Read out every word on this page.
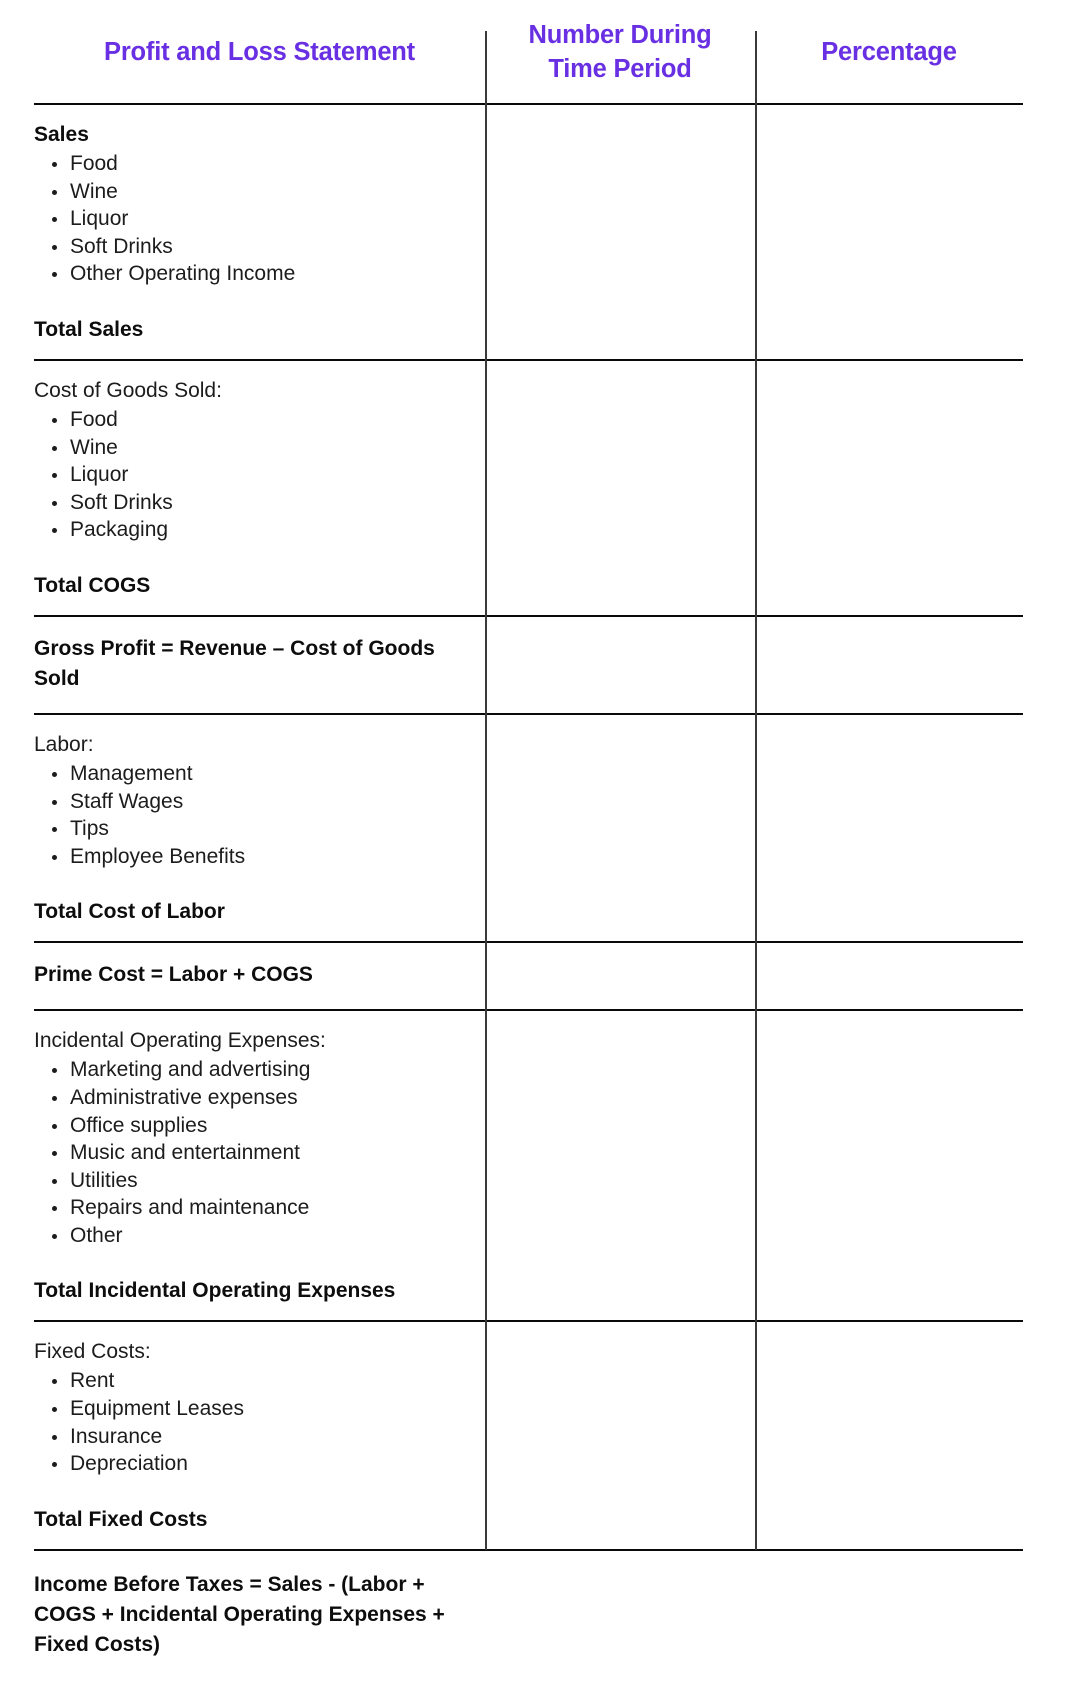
Profit and Loss Statement
Number During
Time Period
Percentage
Sales
Food
Wine
Liquor
Soft Drinks
Other Operating Income
Total Sales
Cost of Goods Sold:
Food
Wine
Liquor
Soft Drinks
Packaging
Total COGS
Gross Profit = Revenue – Cost of Goods Sold
Labor:
Management
Staff Wages
Tips
Employee Benefits
Total Cost of Labor
Prime Cost = Labor + COGS
Incidental Operating Expenses:
Marketing and advertising
Administrative expenses
Office supplies
Music and entertainment
Utilities
Repairs and maintenance
Other
Total Incidental Operating Expenses
Fixed Costs:
Rent
Equipment Leases
Insurance
Depreciation
Total Fixed Costs
Income Before Taxes = Sales - (Labor + COGS + Incidental Operating Expenses + Fixed Costs)
